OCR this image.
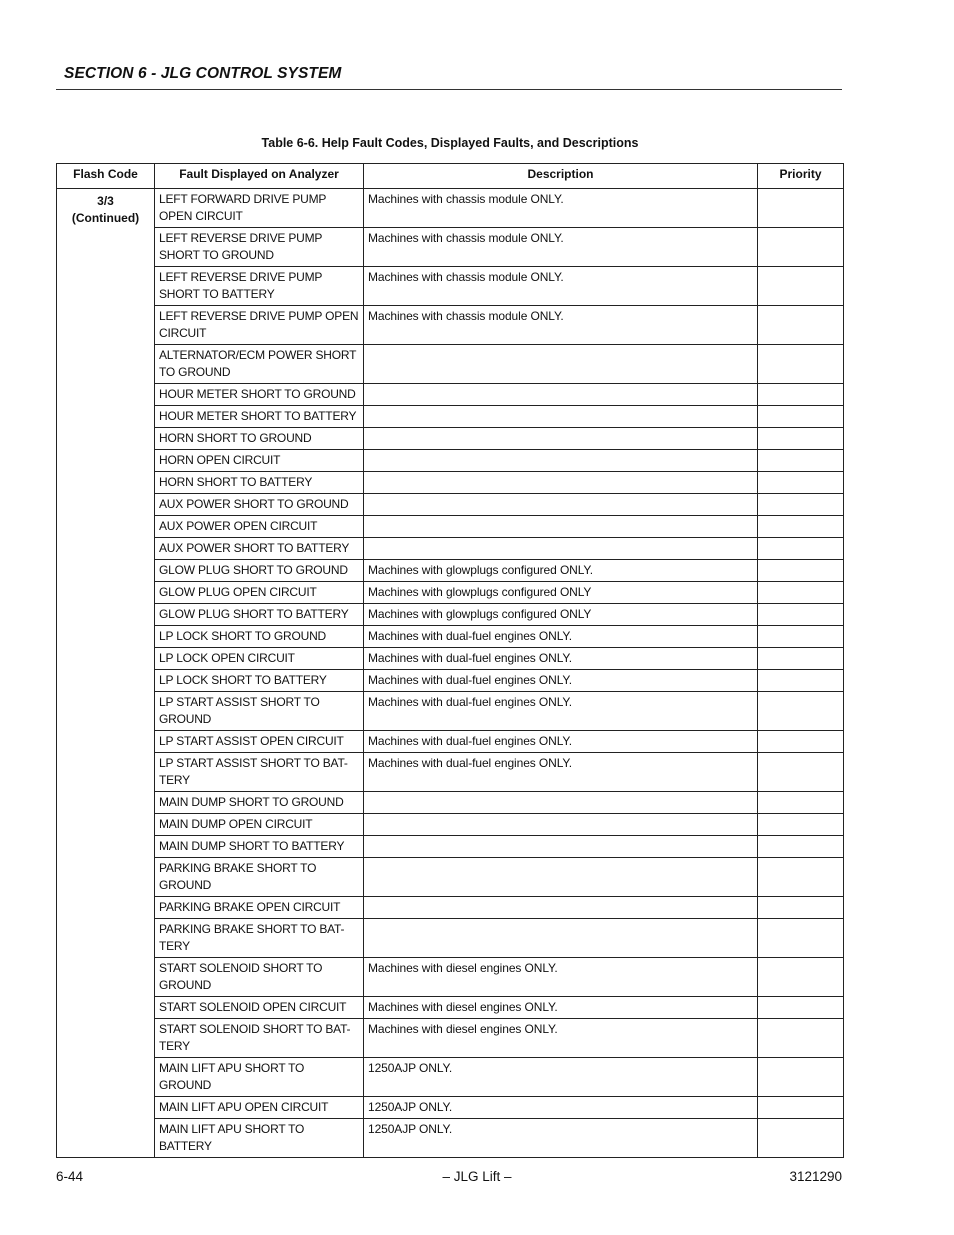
SECTION 6 - JLG CONTROL SYSTEM
Table 6-6. Help Fault Codes, Displayed Faults, and Descriptions
Flash Code	Fault Displayed on Analyzer	Description	Priority

3/3
(Continued)	LEFT FORWARD DRIVE PUMP OPEN CIRCUIT	Machines with chassis module ONLY.	
	LEFT REVERSE DRIVE PUMP SHORT TO GROUND	Machines with chassis module ONLY.	
	LEFT REVERSE DRIVE PUMP SHORT TO BATTERY	Machines with chassis module ONLY.	
	LEFT REVERSE DRIVE PUMP OPEN CIRCUIT	Machines with chassis module ONLY.	
	ALTERNATOR/ECM POWER SHORT TO GROUND		
	HOUR METER SHORT TO GROUND		
	HOUR METER SHORT TO BATTERY		
	HORN SHORT TO GROUND		
	HORN OPEN CIRCUIT		
	HORN SHORT TO BATTERY		
	AUX POWER SHORT TO GROUND		
	AUX POWER OPEN CIRCUIT		
	AUX POWER SHORT TO BATTERY		
	GLOW PLUG SHORT TO GROUND	Machines with glowplugs configured ONLY.	
	GLOW PLUG OPEN CIRCUIT	Machines with glowplugs configured ONLY	
	GLOW PLUG SHORT TO BATTERY	Machines with glowplugs configured ONLY	
	LP LOCK SHORT TO GROUND	Machines with dual-fuel engines ONLY.	
	LP LOCK OPEN CIRCUIT	Machines with dual-fuel engines ONLY.	
	LP LOCK SHORT TO BATTERY	Machines with dual-fuel engines ONLY.	
	LP START ASSIST SHORT TO GROUND	Machines with dual-fuel engines ONLY.	
	LP START ASSIST OPEN CIRCUIT	Machines with dual-fuel engines ONLY.	
	LP START ASSIST SHORT TO BAT-TERY	Machines with dual-fuel engines ONLY.	
	MAIN DUMP SHORT TO GROUND		
	MAIN DUMP OPEN CIRCUIT		
	MAIN DUMP SHORT TO BATTERY		
	PARKING BRAKE SHORT TO GROUND		
	PARKING BRAKE OPEN CIRCUIT		
	PARKING BRAKE SHORT TO BAT-TERY		
	START SOLENOID SHORT TO GROUND	Machines with diesel engines ONLY.	
	START SOLENOID OPEN CIRCUIT	Machines with diesel engines ONLY.	
	START SOLENOID SHORT TO BAT-TERY	Machines with diesel engines ONLY.	
	MAIN LIFT APU SHORT TO GROUND	1250AJP ONLY.	
	MAIN LIFT APU OPEN CIRCUIT	1250AJP ONLY.	
	MAIN LIFT APU SHORT TO BATTERY	1250AJP ONLY.	
6-44	– JLG Lift –	3121290
